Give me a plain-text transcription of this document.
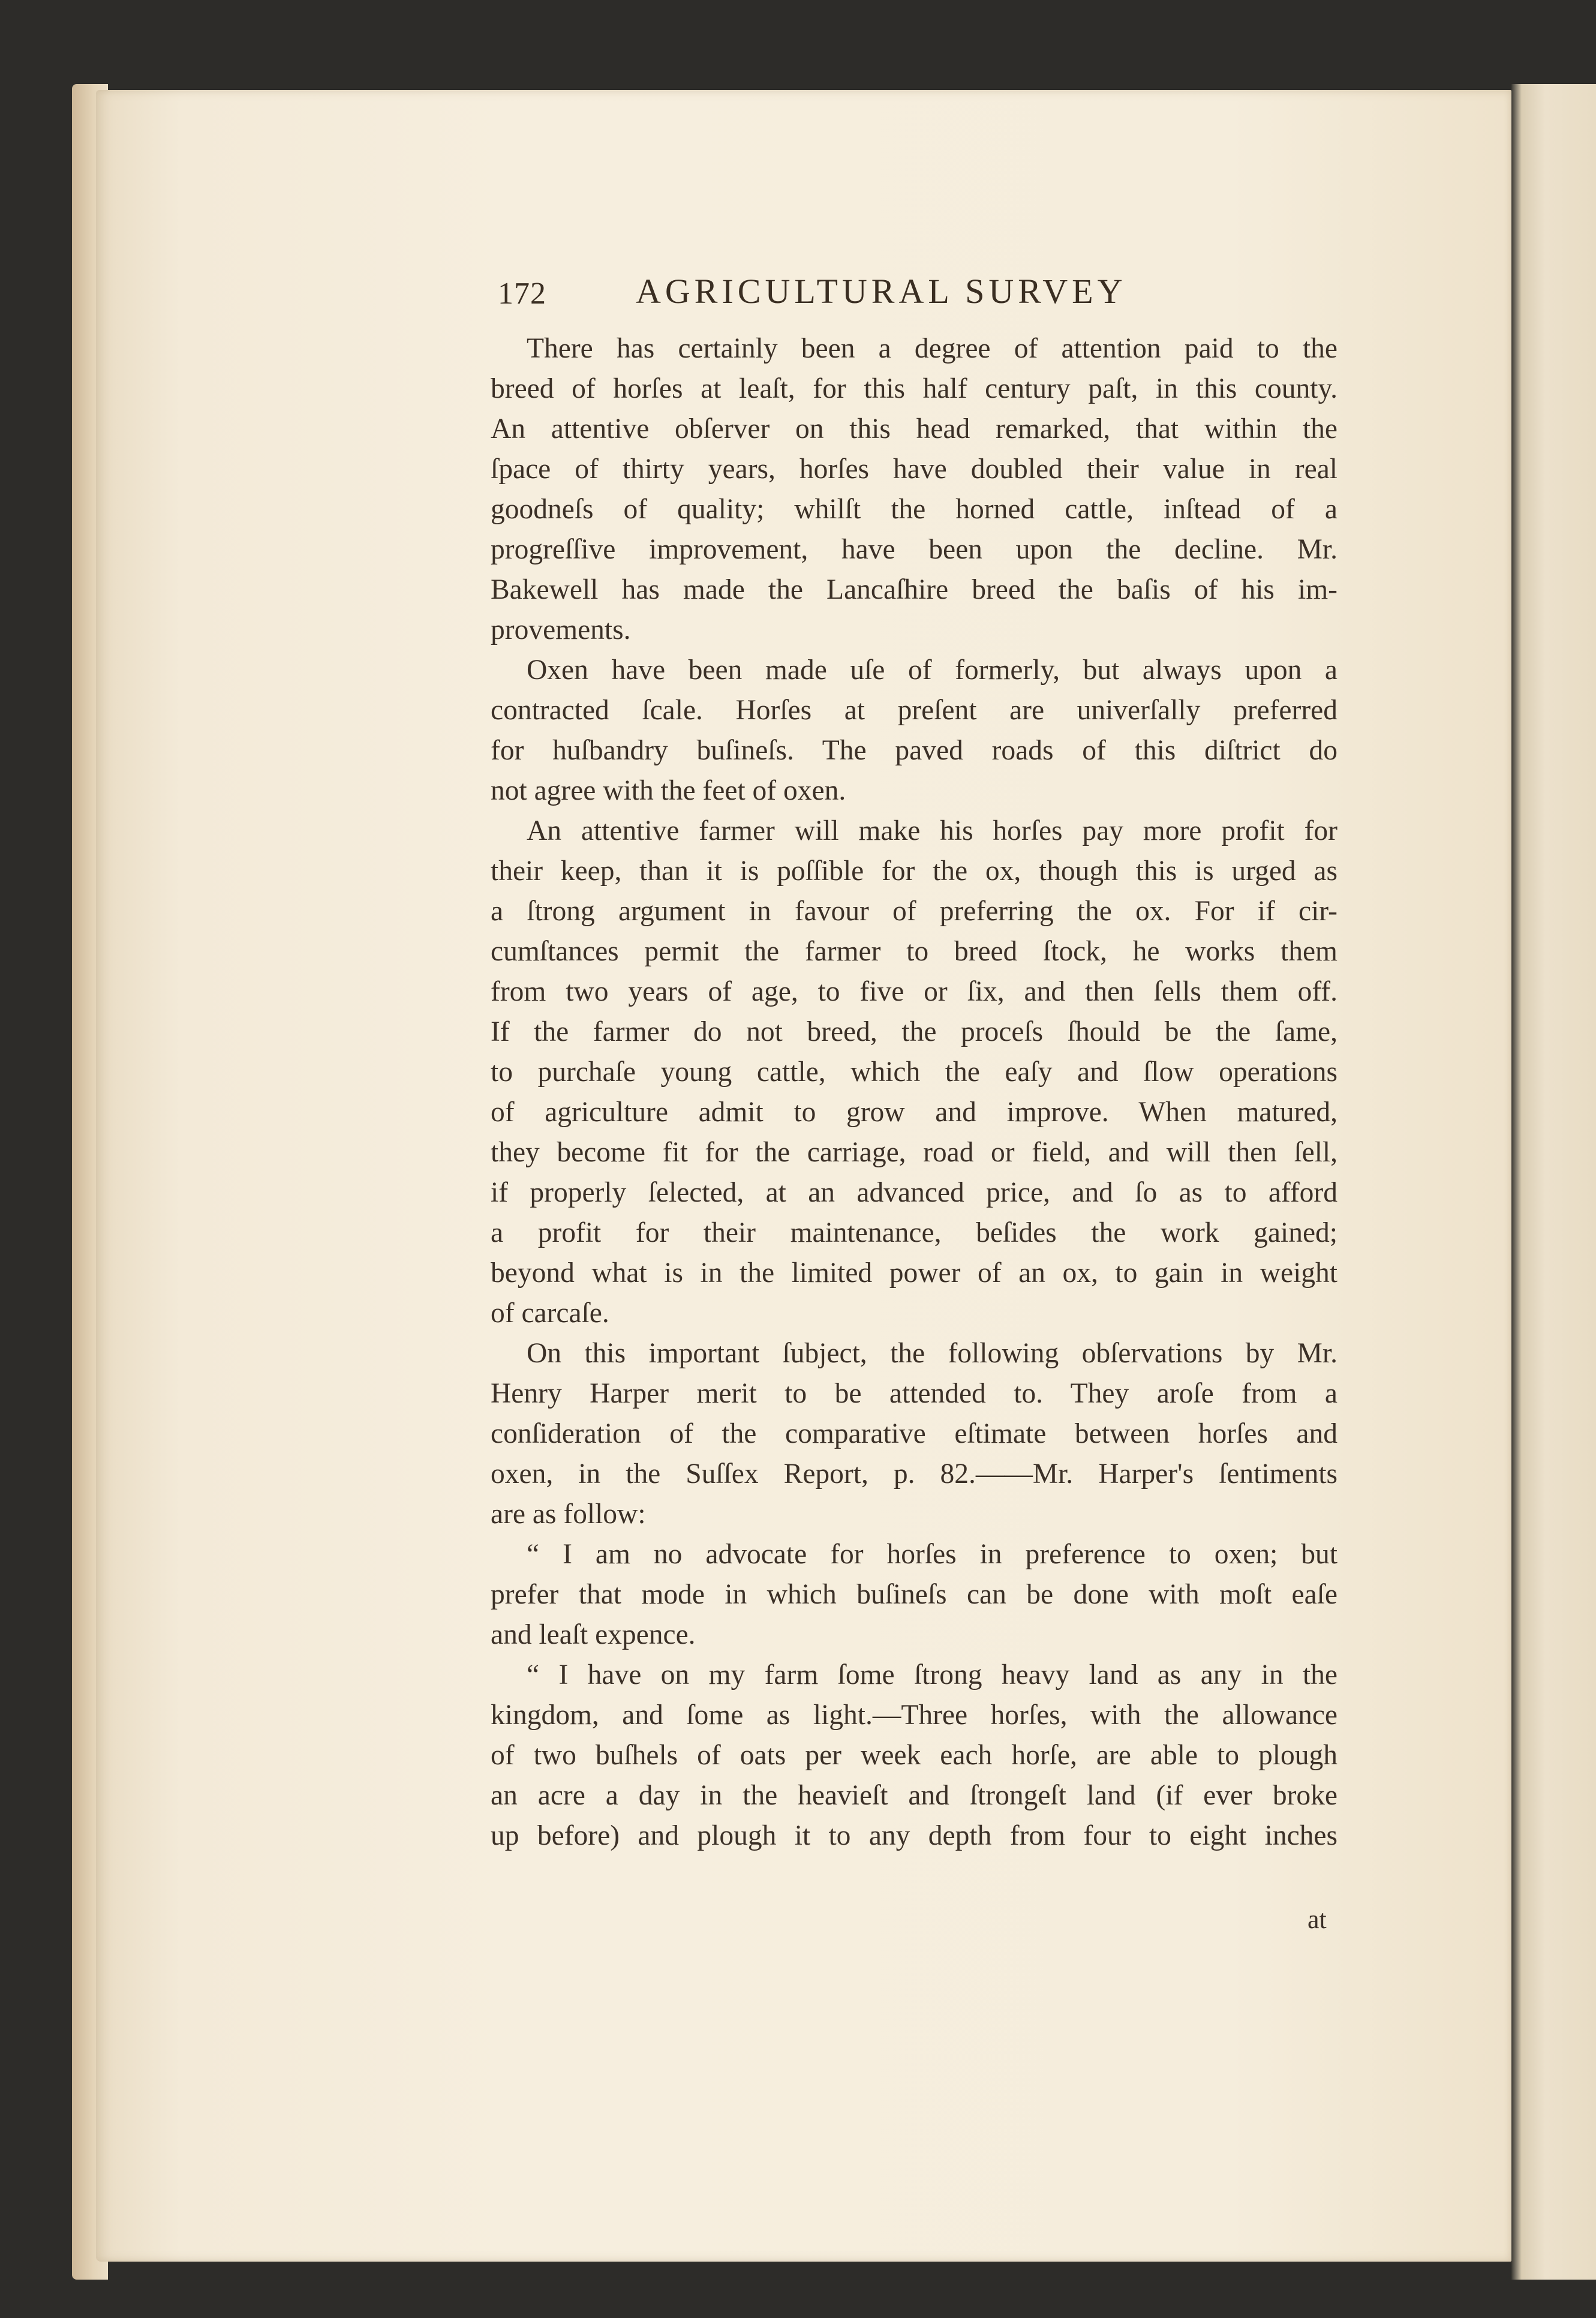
172	AGRICULTURAL SURVEY
There has certainly been a degree of attention paid to the
breed of horſes at leaſt, for this half century paſt, in this county.
An attentive obſerver on this head remarked, that within the
ſpace of thirty years, horſes have doubled their value in real
goodneſs of quality; whilſt the horned cattle, inſtead of a
progreſſive improvement, have been upon the decline. Mr.
Bakewell has made the Lancaſhire breed the baſis of his im-
provements.
Oxen have been made uſe of formerly, but always upon a
contracted ſcale. Horſes at preſent are univerſally preferred
for huſbandry buſineſs. The paved roads of this diſtrict do
not agree with the feet of oxen.
An attentive farmer will make his horſes pay more profit for
their keep, than it is poſſible for the ox, though this is urged as
a ſtrong argument in favour of preferring the ox. For if cir-
cumſtances permit the farmer to breed ſtock, he works them
from two years of age, to five or ſix, and then ſells them off.
If the farmer do not breed, the proceſs ſhould be the ſame,
to purchaſe young cattle, which the eaſy and ſlow operations
of agriculture admit to grow and improve. When matured,
they become fit for the carriage, road or field, and will then ſell,
if properly ſelected, at an advanced price, and ſo as to afford
a profit for their maintenance, beſides the work gained;
beyond what is in the limited power of an ox, to gain in weight
of carcaſe.
On this important ſubject, the following obſervations by Mr.
Henry Harper merit to be attended to. They aroſe from a
conſideration of the comparative eſtimate between horſes and
oxen, in the Suſſex Report, p. 82.——Mr. Harper's ſentiments
are as follow:
“ I am no advocate for horſes in preference to oxen; but
prefer that mode in which buſineſs can be done with moſt eaſe
and leaſt expence.
“ I have on my farm ſome ſtrong heavy land as any in the
kingdom, and ſome as light.—Three horſes, with the allowance
of two buſhels of oats per week each horſe, are able to plough
an acre a day in the heavieſt and ſtrongeſt land (if ever broke
up before) and plough it to any depth from four to eight inches
at
